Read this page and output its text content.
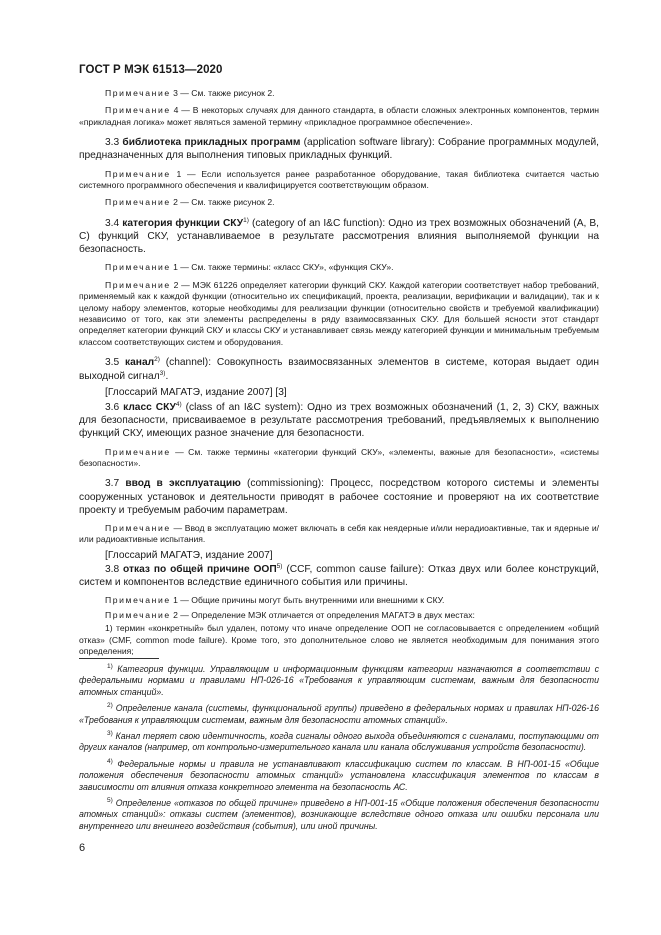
ГОСТ Р МЭК 61513—2020

Примечание 3 — См. также рисунок 2.

Примечание 4 — В некоторых случаях для данного стандарта, в области сложных электронных компонентов, термин «прикладная логика» может являться заменой термину «прикладное программное обеспечение».

3.3 библиотека прикладных программ (application software library): Собрание программных модулей, предназначенных для выполнения типовых прикладных функций.

Примечание 1 — Если используется ранее разработанное оборудование, такая библиотека считается частью системного программного обеспечения и квалифицируется соответствующим образом.

Примечание 2 — См. также рисунок 2.

3.4 категория функции СКУ$^{1)}$ (category of an I&C function): Одно из трех возможных обозначений (А, В, С) функций СКУ, устанавливаемое в результате рассмотрения влияния выполняемой функции на безопасность.

Примечание 1 — См. также термины: «класс СКУ», «функция СКУ».

Примечание 2 — МЭК 61226 определяет категории функций СКУ. Каждой категории соответствует набор требований, применяемый как к каждой функции (относительно их спецификаций, проекта, реализации, верификации и валидации), так и к целому набору элементов, которые необходимы для реализации функции (относительно свойств и требуемой квалификации) независимо от того, как эти элементы распределены в ряду взаимосвязанных СКУ. Для большей ясности этот стандарт определяет категории функций СКУ и классы СКУ и устанавливает связь между категорией функции и минимальным требуемым классом соответствующих систем и оборудования.

3.5 канал$^{2)}$ (channel): Совокупность взаимосвязанных элементов в системе, которая выдает один выходной сигнал$^{3)}$.

[Глоссарий МАГАТЭ, издание 2007] [3]

3.6 класс СКУ$^{4)}$ (class of an I&C system): Одно из трех возможных обозначений (1, 2, 3) СКУ, важных для безопасности, присваиваемое в результате рассмотрения требований, предъявляемых к выполнению функций СКУ, имеющих разное значение для безопасности.

Примечание — См. также термины «категории функций СКУ», «элементы, важные для безопасности», «системы безопасности».

3.7 ввод в эксплуатацию (commissioning): Процесс, посредством которого системы и элементы сооруженных установок и деятельности приводят в рабочее состояние и проверяют на их соответствие проекту и требуемым рабочим параметрам.

Примечание — Ввод в эксплуатацию может включать в себя как неядерные и/или нерадиоактивные, так и ядерные и/или радиоактивные испытания.

[Глоссарий МАГАТЭ, издание 2007]

3.8 отказ по общей причине ООП$^{5)}$ (CCF, common cause failure): Отказ двух или более конструкций, систем и компонентов вследствие единичного события или причины.

Примечание 1 — Общие причины могут быть внутренними или внешними к СКУ.

Примечание 2 — Определение МЭК отличается от определения МАГАТЭ в двух местах:

1) термин «конкретный» был удален, потому что иначе определение ООП не согласовывается с определением «общий отказ» (CMF, common mode failure). Кроме того, это дополнительное слово не является необходимым для понимания этого определения;

$^{1)}$ Категория функции. Управляющим и информационным функциям категории назначаются в соответствии с федеральными нормами и правилами НП-026-16 «Требования к управляющим системам, важным для безопасности атомных станций».

$^{2)}$ Определение канала (системы, функциональной группы) приведено в федеральных нормах и правилах НП-026-16 «Требования к управляющим системам, важным для безопасности атомных станций».

$^{3)}$ Канал теряет свою идентичность, когда сигналы одного выхода объединяются с сигналами, поступающими от других каналов (например, от контрольно-измерительного канала или канала обслуживания устройств безопасности).

$^{4)}$ Федеральные нормы и правила не устанавливают классификацию систем по классам. В НП-001-15 «Общие положения обеспечения безопасности атомных станций» установлена классификация элементов по классам в зависимости от влияния отказа конкретного элемента на безопасность АС.

$^{5)}$ Определение «отказов по общей причине» приведено в НП-001-15 «Общие положения обеспечения безопасности атомных станций»: отказы систем (элементов), возникающие вследствие одного отказа или ошибки персонала или внутреннего или внешнего воздействия (события), или иной причины.

6
